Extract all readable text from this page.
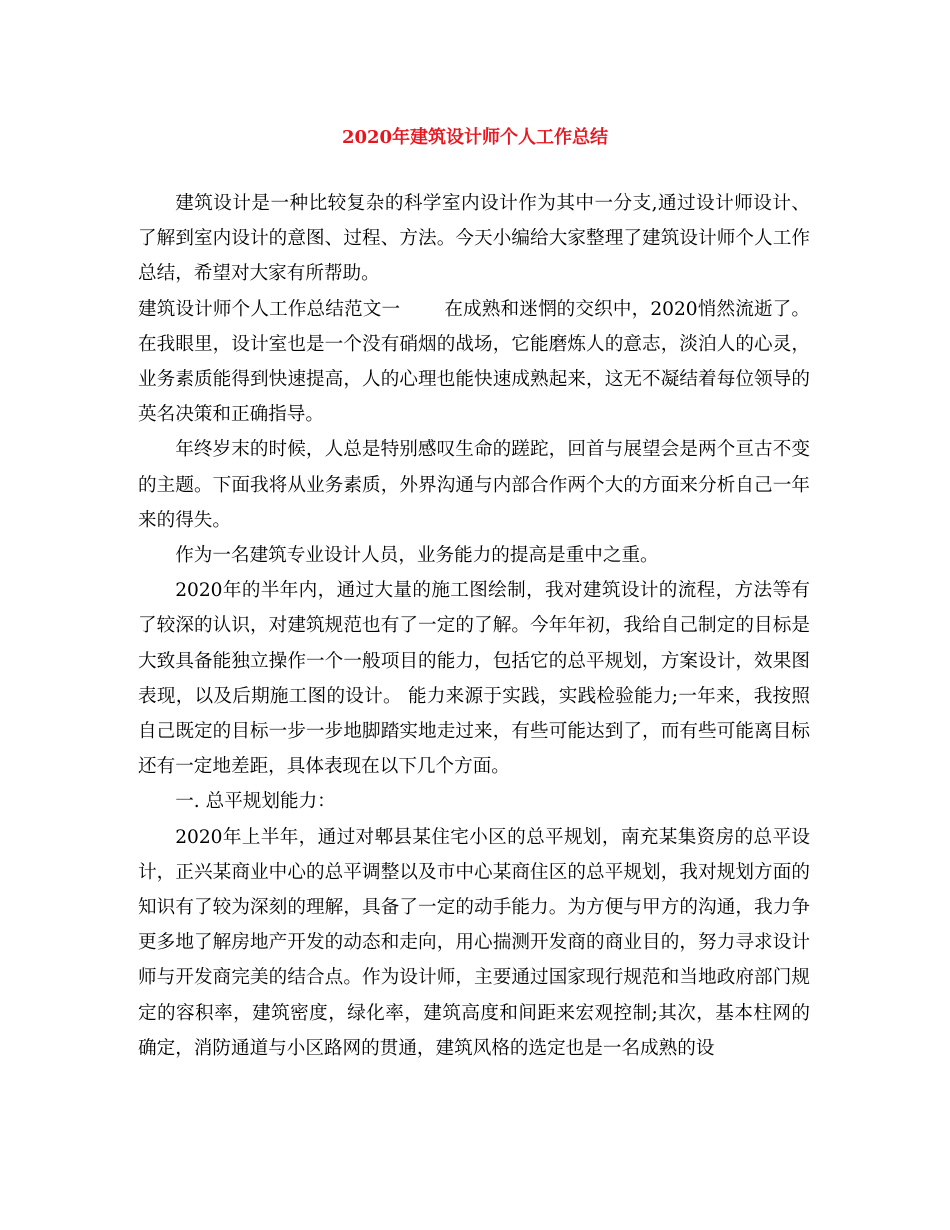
2020年建筑设计师个人工作总结

建筑设计是一种比较复杂的科学室内设计作为其中一分支,通过设计师设计、了解到室内设计的意图、过程、方法。今天小编给大家整理了建筑设计师个人工作总结，希望对大家有所帮助。

建筑设计师个人工作总结范文一 在成熟和迷惘的交织中，2020悄然流逝了。在我眼里，设计室也是一个没有硝烟的战场，它能磨炼人的意志，淡泊人的心灵，业务素质能得到快速提高，人的心理也能快速成熟起来，这无不凝结着每位领导的英名决策和正确指导。

年终岁末的时候，人总是特别感叹生命的蹉跎，回首与展望会是两个亘古不变的主题。下面我将从业务素质，外界沟通与内部合作两个大的方面来分析自己一年来的得失。

作为一名建筑专业设计人员，业务能力的提高是重中之重。

2020年的半年内，通过大量的施工图绘制，我对建筑设计的流程，方法等有了较深的认识，对建筑规范也有了一定的了解。今年年初，我给自己制定的目标是大致具备能独立操作一个一般项目的能力，包括它的总平规划，方案设计，效果图表现，以及后期施工图的设计。 能力来源于实践，实践检验能力;一年来，我按照自己既定的目标一步一步地脚踏实地走过来，有些可能达到了，而有些可能离目标还有一定地差距，具体表现在以下几个方面。

一. 总平规划能力：

2020年上半年，通过对郫县某住宅小区的总平规划，南充某集资房的总平设计，正兴某商业中心的总平调整以及市中心某商住区的总平规划，我对规划方面的知识有了较为深刻的理解，具备了一定的动手能力。为方便与甲方的沟通，我力争更多地了解房地产开发的动态和走向，用心揣测开发商的商业目的，努力寻求设计师与开发商完美的结合点。作为设计师，主要通过国家现行规范和当地政府部门规定的容积率，建筑密度，绿化率，建筑高度和间距来宏观控制;其次，基本柱网的确定，消防通道与小区路网的贯通，建筑风格的选定也是一名成熟的设
